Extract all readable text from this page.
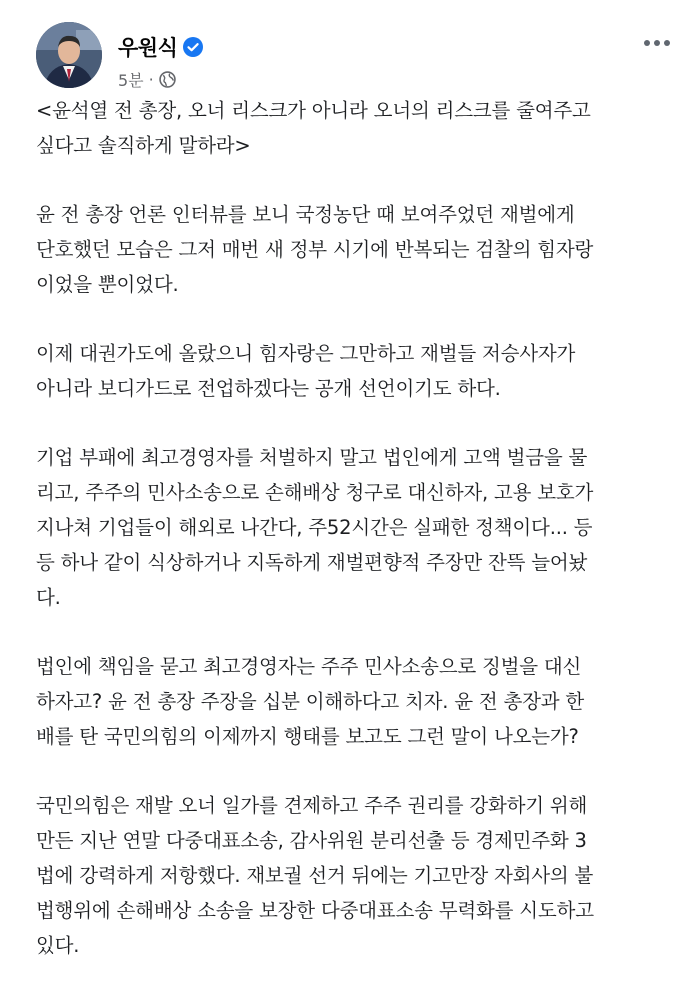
우원식
5분 ·

<윤석열 전 총장, 오너 리스크가 아니라 오너의 리스크를 줄여주고
싶다고 솔직하게 말하라>

윤 전 총장 언론 인터뷰를 보니 국정농단 때 보여주었던 재벌에게
단호했던 모습은 그저 매번 새 정부 시기에 반복되는 검찰의 힘자랑
이었을 뿐이었다.

이제 대권가도에 올랐으니 힘자랑은 그만하고 재벌들 저승사자가
아니라 보디가드로 전업하겠다는 공개 선언이기도 하다.

기업 부패에 최고경영자를 처벌하지 말고 법인에게 고액 벌금을 물
리고, 주주의 민사소송으로 손해배상 청구로 대신하자, 고용 보호가
지나쳐 기업들이 해외로 나간다, 주52시간은 실패한 정책이다... 등
등 하나 같이 식상하거나 지독하게 재벌편향적 주장만 잔뜩 늘어놨
다.

법인에 책임을 묻고 최고경영자는 주주 민사소송으로 징벌을 대신
하자고? 윤 전 총장 주장을 십분 이해하다고 치자. 윤 전 총장과 한
배를 탄 국민의힘의 이제까지 행태를 보고도 그런 말이 나오는가?

국민의힘은 재발 오너 일가를 견제하고 주주 권리를 강화하기 위해
만든 지난 연말 다중대표소송, 감사위원 분리선출 등 경제민주화 3
법에 강력하게 저항했다. 재보궐 선거 뒤에는 기고만장 자회사의 불
법행위에 손해배상 소송을 보장한 다중대표소송 무력화를 시도하고
있다.
